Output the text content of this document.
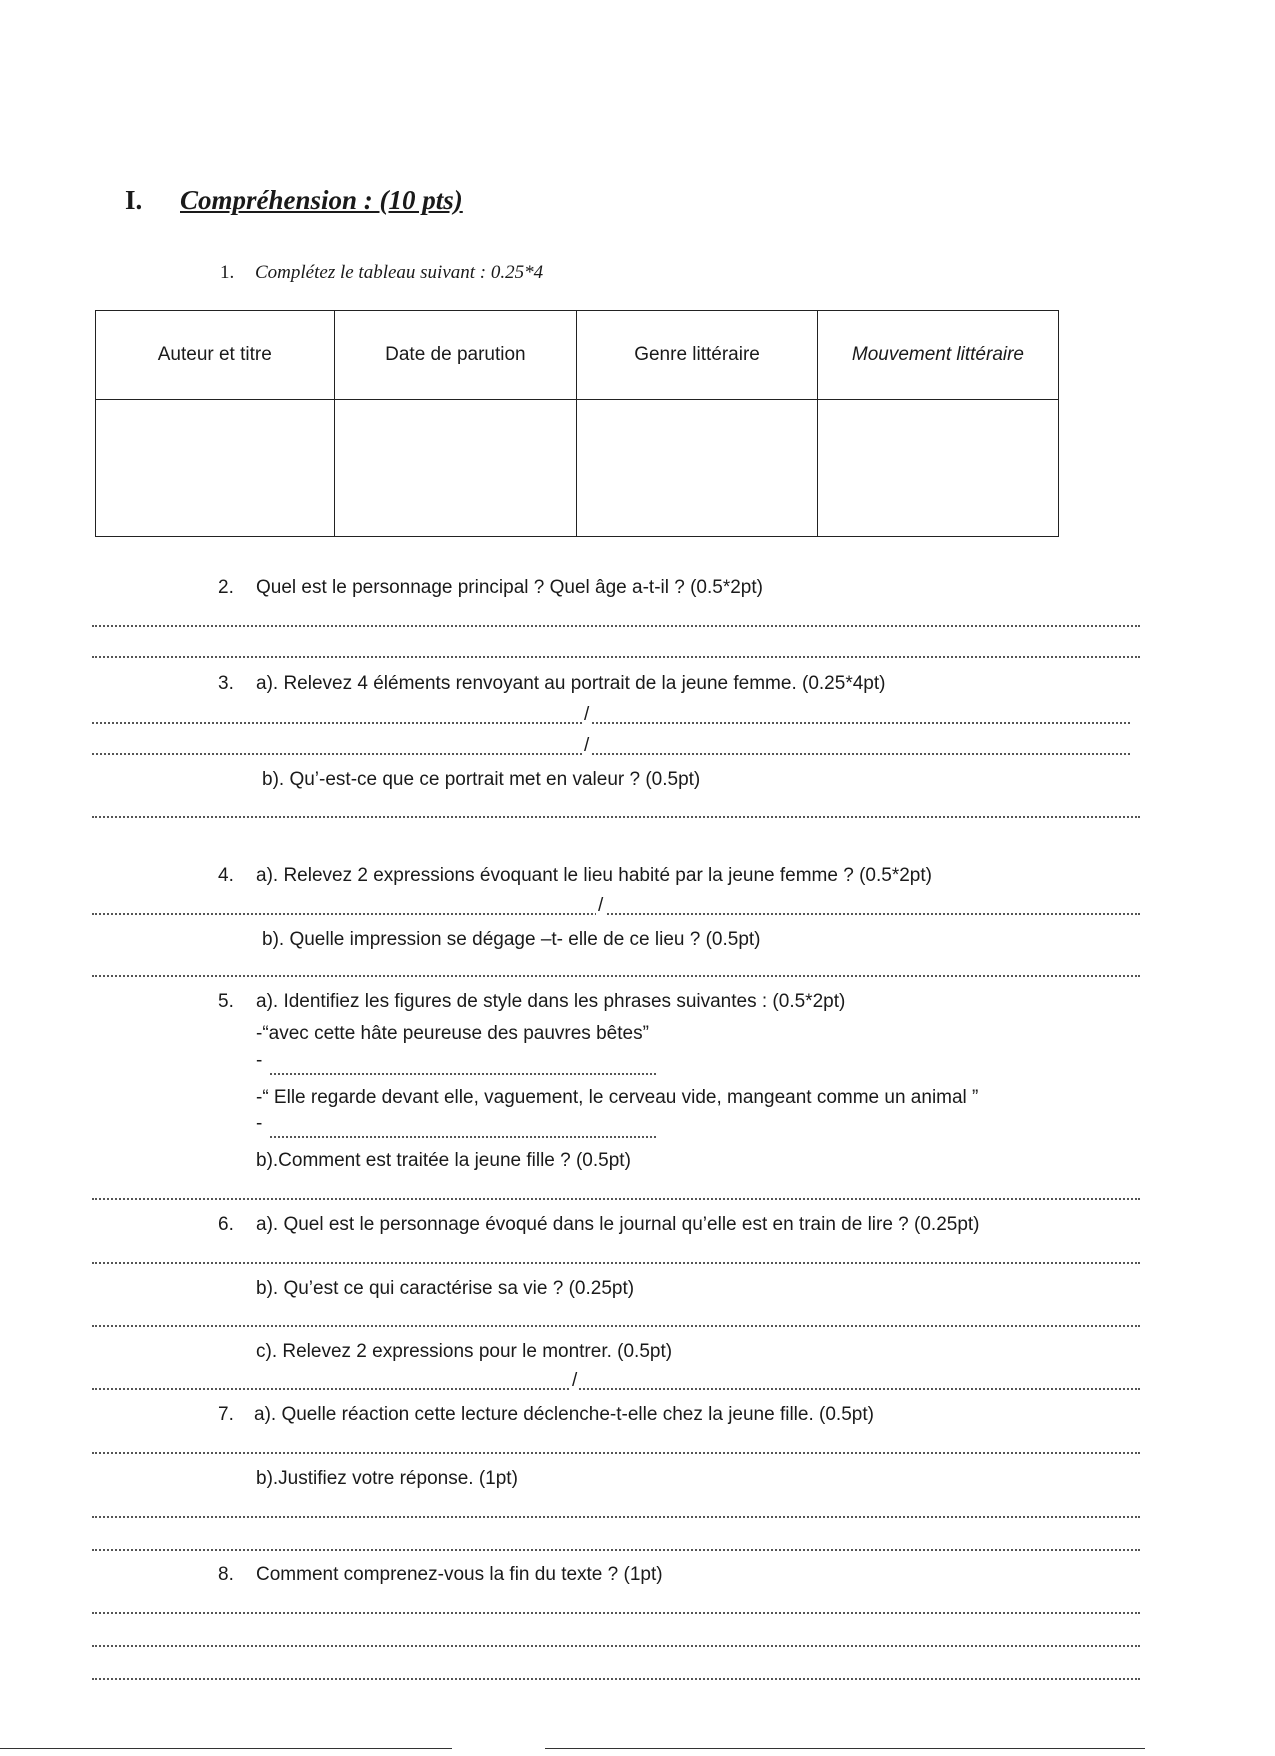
I. Compréhension : (10 pts)
1. Complétez le tableau suivant : 0.25*4
Auteur et titre	Date de parution	Genre littéraire	Mouvement littéraire

2. Quel est le personnage principal ? Quel âge a-t-il ? (0.5*2pt)
3. a). Relevez 4 éléments renvoyant au portrait de la jeune femme. (0.25*4pt)
/
/
b). Qu’-est-ce que ce portrait met en valeur ? (0.5pt)
4. a). Relevez 2 expressions évoquant le lieu habité par la jeune femme ? (0.5*2pt)
/
b). Quelle impression se dégage –t- elle de ce lieu ? (0.5pt)
5. a). Identifiez les figures de style dans les phrases suivantes : (0.5*2pt)
-“avec cette hâte peureuse des pauvres bêtes”
-
-“ Elle regarde devant elle, vaguement, le cerveau vide, mangeant comme un animal ”
-
b).Comment est traitée la jeune fille ? (0.5pt)
6. a). Quel est le personnage évoqué dans le journal qu’elle est en train de lire ? (0.25pt)
b). Qu’est ce qui caractérise sa vie ? (0.25pt)
c). Relevez 2 expressions pour le montrer. (0.5pt)
/
7. a). Quelle réaction cette lecture déclenche-t-elle chez la jeune fille. (0.5pt)
b).Justifiez votre réponse. (1pt)
8. Comment comprenez-vous la fin du texte ? (1pt)
